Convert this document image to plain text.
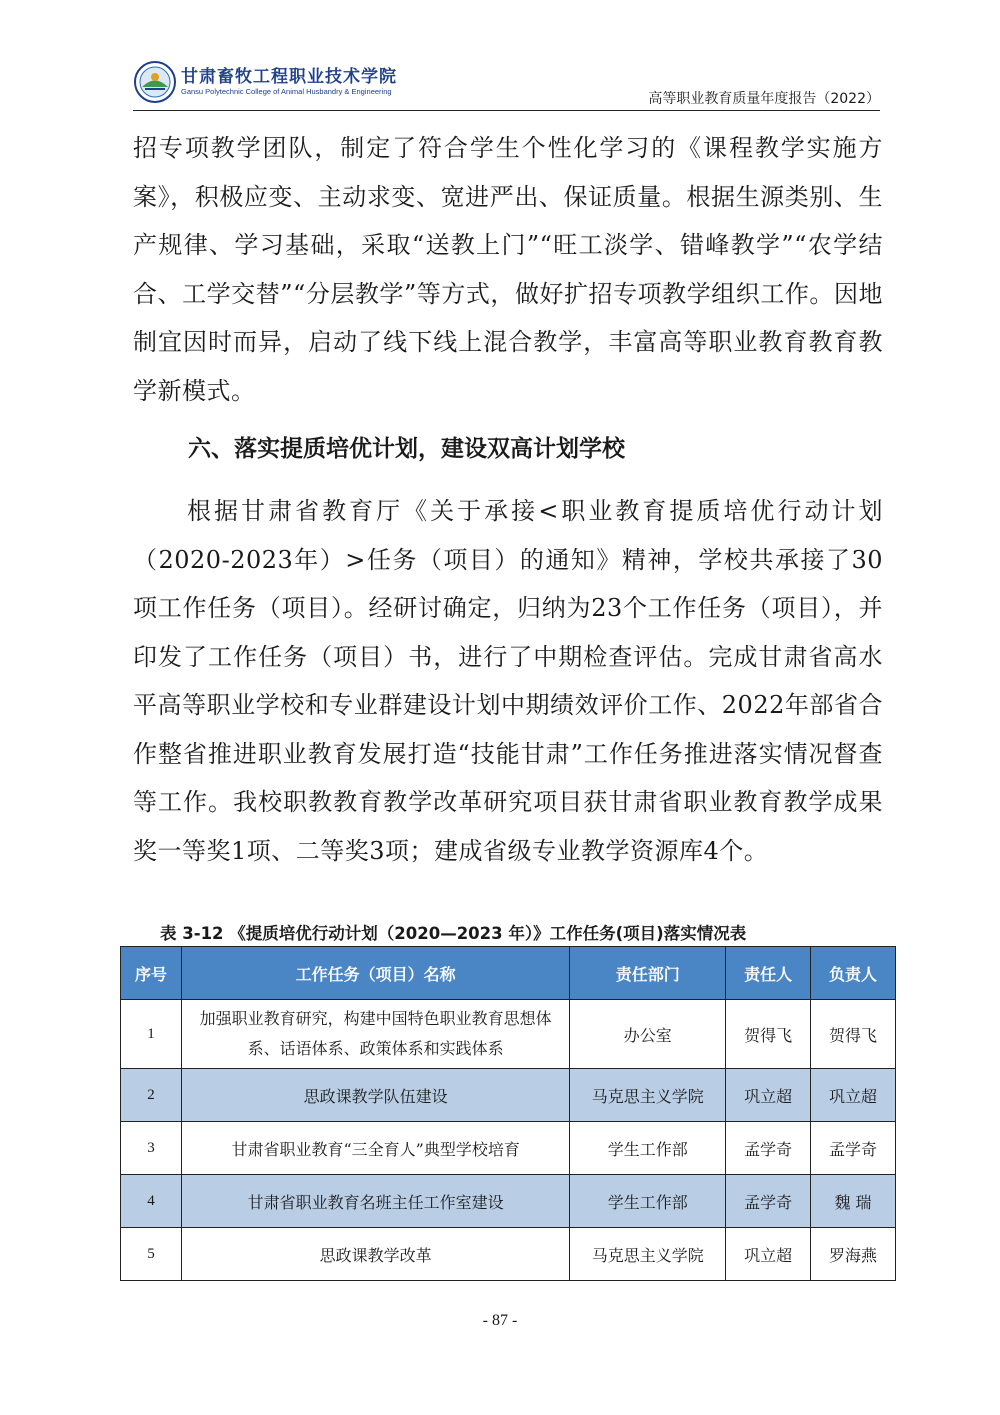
甘肃畜牧工程职业技术学院
Gansu Polytechnic College of Animal Husbandry & Engineering	高等职业教育质量年度报告（2022）

招专项教学团队，制定了符合学生个性化学习的《课程教学实施方案》，积极应变、主动求变、宽进严出、保证质量。根据生源类别、生产规律、学习基础，采取“送教上门”“旺工淡学、错峰教学”“农学结合、工学交替”“分层教学”等方式，做好扩招专项教学组织工作。因地制宜因时而异，启动了线下线上混合教学，丰富高等职业教育教育教学新模式。

六、落实提质培优计划，建设双高计划学校

根据甘肃省教育厅《关于承接<职业教育提质培优行动计划（2020-2023年）>任务（项目）的通知》精神，学校共承接了30项工作任务（项目）。经研讨确定，归纳为23个工作任务（项目），并印发了工作任务（项目）书，进行了中期检查评估。完成甘肃省高水平高等职业学校和专业群建设计划中期绩效评价工作、2022年部省合作整省推进职业教育发展打造“技能甘肃”工作任务推进落实情况督查等工作。我校职教教育教学改革研究项目获甘肃省职业教育教学成果奖一等奖1项、二等奖3项；建成省级专业教学资源库4个。

表 3-12 《提质培优行动计划（2020—2023 年）》工作任务(项目)落实情况表
序号	工作任务（项目）名称	责任部门	责任人	负责人
1	加强职业教育研究，构建中国特色职业教育思想体系、话语体系、政策体系和实践体系	办公室	贺得飞	贺得飞
2	思政课教学队伍建设	马克思主义学院	巩立超	巩立超
3	甘肃省职业教育“三全育人”典型学校培育	学生工作部	孟学奇	孟学奇
4	甘肃省职业教育名班主任工作室建设	学生工作部	孟学奇	魏 瑞
5	思政课教学改革	马克思主义学院	巩立超	罗海燕
- 87 -
